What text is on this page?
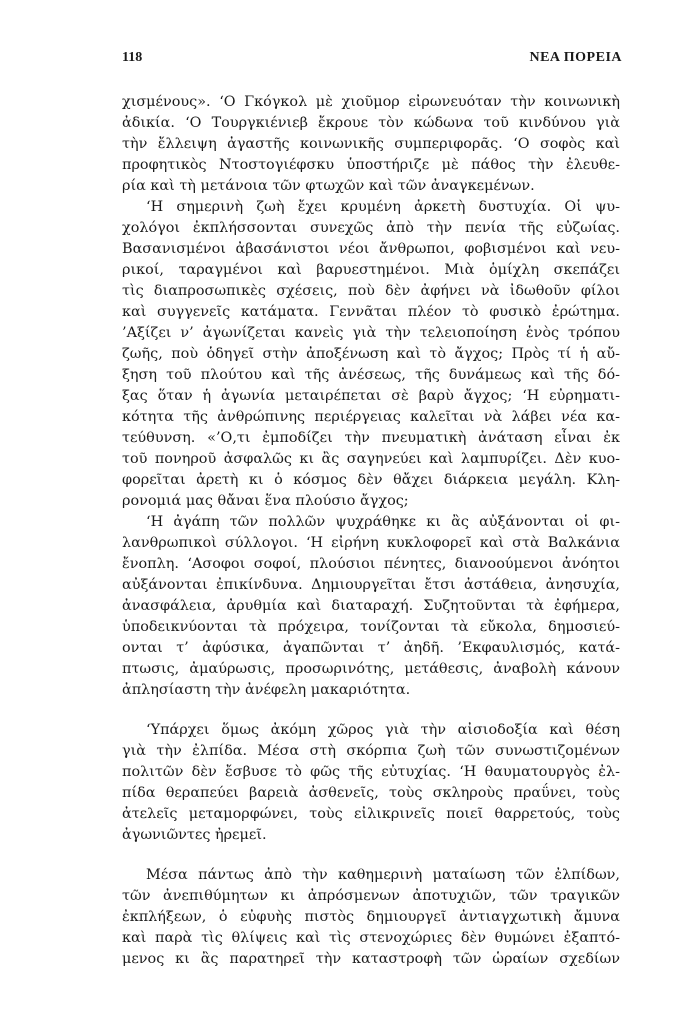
118	ΝΕΑ ΠΟΡΕΙΑ
χισμένους». ‘Ο Γκόγκολ μὲ χιοῦμορ εἰρωνευόταν τὴν κοινωνικὴ
ἀδικία. ‘Ο Τουργκιένιεβ ἔκρουε τὸν κώδωνα τοῦ κινδύνου γιὰ
τὴν ἔλλειψη ἀγαστῆς κοινωνικῆς συμπεριφορᾶς. ‘Ο σοφὸς καὶ
προφητικὸς Ντοστογιέφσκυ ὑποστήριζε μὲ πάθος τὴν ἐλευθε-
ρία καὶ τὴ μετάνοια τῶν φτωχῶν καὶ τῶν ἀναγκεμένων.
‘Η σημερινὴ ζωὴ ἔχει κρυμένη ἀρκετὴ δυστυχία. Οἱ ψυ-
χολόγοι ἐκπλήσσονται συνεχῶς ἀπὸ τὴν πενία τῆς εὐζωίας.
Βασανισμένοι ἀβασάνιστοι νέοι ἄνθρωποι, φοβισμένοι καὶ νευ-
ρικοί, ταραγμένοι καὶ βαρυεστημένοι. Μιὰ ὁμίχλη σκεπάζει
τὶς διαπροσωπικὲς σχέσεις, ποὺ δὲν ἀφήνει νὰ ἰδωθοῦν φίλοι
καὶ συγγενεῖς κατάματα. Γεννᾶται πλέον τὸ φυσικὸ ἐρώτημα.
’Αξίζει ν’ ἀγωνίζεται κανεὶς γιὰ τὴν τελειοποίηση ἑνὸς τρόπου
ζωῆς, ποὺ ὁδηγεῖ στὴν ἀποξένωση καὶ τὸ ἄγχος; Πρὸς τί ἡ αὔ-
ξηση τοῦ πλούτου καὶ τῆς ἀνέσεως, τῆς δυνάμεως καὶ τῆς δό-
ξας ὅταν ἡ ἀγωνία μεταιρέπεται σὲ βαρὺ ἄγχος; ‘Η εὐρηματι-
κότητα τῆς ἀνθρώπινης περιέργειας καλεῖται νὰ λάβει νέα κα-
τεύθυνση. «’Ο,τι ἐμποδίζει τὴν πνευματικὴ ἀνάταση εἶναι ἐκ
τοῦ πονηροῦ ἀσφαλῶς κι ἂς σαγηνεύει καὶ λαμπυρίζει. Δὲν κυο-
φορεῖται ἀρετὴ κι ὁ κόσμος δὲν θἄχει διάρκεια μεγάλη. Κλη-
ρονομιά μας θἄναι ἕνα πλούσιο ἄγχος;
‘Η ἀγάπη τῶν πολλῶν ψυχράθηκε κι ἂς αὐξάνονται οἱ φι-
λανθρωπικοὶ σύλλογοι. ‘Η εἰρήνη κυκλοφορεῖ καὶ στὰ Βαλκάνια
ἔνοπλη. ‘Ασοφοι σοφοί, πλούσιοι πένητες, διανοούμενοι ἀνόητοι
αὐξάνονται ἐπικίνδυνα. Δημιουργεῖται ἔτσι ἀστάθεια, ἀνησυχία,
ἀνασφάλεια, ἀρυθμία καὶ διαταραχή. Συζητοῦνται τὰ ἐφήμερα,
ὑποδεικνύονται τὰ πρόχειρα, τονίζονται τὰ εὔκολα, δημοσιεύ-
ονται τ’ ἀφύσικα, ἀγαπῶνται τ’ ἀηδῆ. ’Εκφαυλισμός, κατά-
πτωσις, ἀμαύρωσις, προσωρινότης, μετάθεσις, ἀναβολὴ κάνουν
ἀπλησίαστη τὴν ἀνέφελη μακαριότητα.
‘Υπάρχει ὅμως ἀκόμη χῶρος γιὰ τὴν αἰσιοδοξία καὶ θέση
γιὰ τὴν ἐλπίδα. Μέσα στὴ σκόρπια ζωὴ τῶν συνωστιζομένων
πολιτῶν δὲν ἔσβυσε τὸ φῶς τῆς εὐτυχίας. ‘Η θαυματουργὸς ἐλ-
πίδα θεραπεύει βαρειὰ ἀσθενεῖς, τοὺς σκληροὺς πραΰνει, τοὺς
ἀτελεῖς μεταμορφώνει, τοὺς εἰλικρινεῖς ποιεῖ θαρρετούς, τοὺς
ἀγωνιῶντες ἠρεμεῖ.
Μέσα πάντως ἀπὸ τὴν καθημερινὴ ματαίωση τῶν ἐλπίδων,
τῶν ἀνεπιθύμητων κι ἀπρόσμενων ἀποτυχιῶν, τῶν τραγικῶν
ἐκπλήξεων, ὁ εὐφυὴς πιστὸς δημιουργεῖ ἀντιαγχωτικὴ ἄμυνα
καὶ παρὰ τὶς θλίψεις καὶ τὶς στενοχώριες δὲν θυμώνει ἐξαπτό-
μενος κι ἂς παρατηρεῖ τὴν καταστροφὴ τῶν ὡραίων σχεδίων
